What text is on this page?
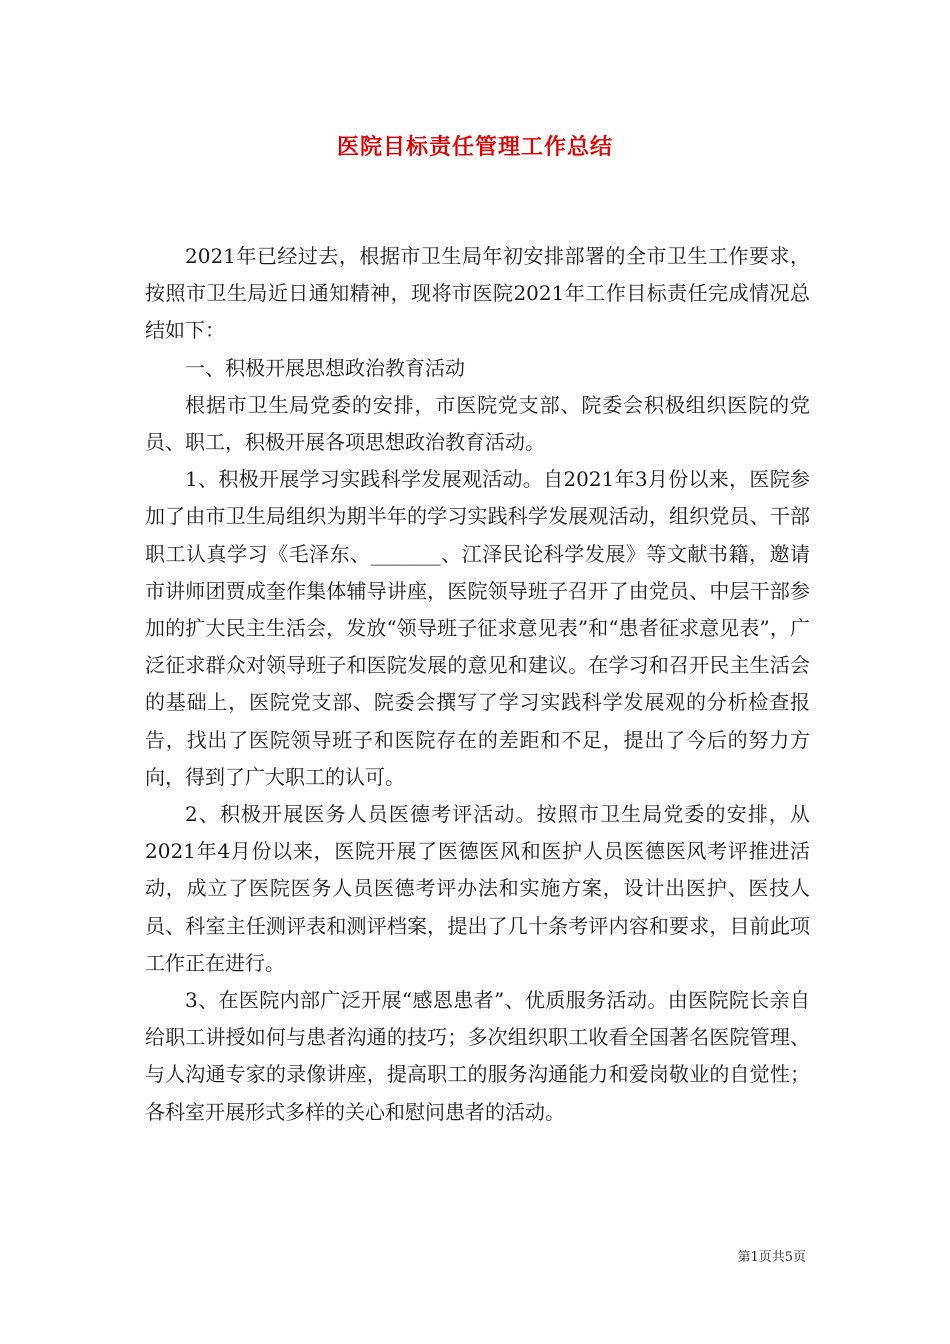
医院目标责任管理工作总结

2021年已经过去，根据市卫生局年初安排部署的全市卫生工作要求，按照市卫生局近日通知精神，现将市医院2021年工作目标责任完成情况总结如下：

一、积极开展思想政治教育活动

根据市卫生局党委的安排，市医院党支部、院委会积极组织医院的党员、职工，积极开展各项思想政治教育活动。

1、积极开展学习实践科学发展观活动。自2021年3月份以来，医院参加了由市卫生局组织为期半年的学习实践科学发展观活动，组织党员、干部职工认真学习《毛泽东、_______、江泽民论科学发展》等文献书籍，邀请市讲师团贾成奎作集体辅导讲座，医院领导班子召开了由党员、中层干部参加的扩大民主生活会，发放“领导班子征求意见表”和“患者征求意见表”，广泛征求群众对领导班子和医院发展的意见和建议。在学习和召开民主生活会的基础上，医院党支部、院委会撰写了学习实践科学发展观的分析检查报告，找出了医院领导班子和医院存在的差距和不足，提出了今后的努力方向，得到了广大职工的认可。

2、积极开展医务人员医德考评活动。按照市卫生局党委的安排，从2021年4月份以来，医院开展了医德医风和医护人员医德医风考评推进活动，成立了医院医务人员医德考评办法和实施方案，设计出医护、医技人员、科室主任测评表和测评档案，提出了几十条考评内容和要求，目前此项工作正在进行。

3、在医院内部广泛开展“感恩患者”、优质服务活动。由医院院长亲自给职工讲授如何与患者沟通的技巧；多次组织职工收看全国著名医院管理、与人沟通专家的录像讲座，提高职工的服务沟通能力和爱岗敬业的自觉性；各科室开展形式多样的关心和慰问患者的活动。

第1页共5页
